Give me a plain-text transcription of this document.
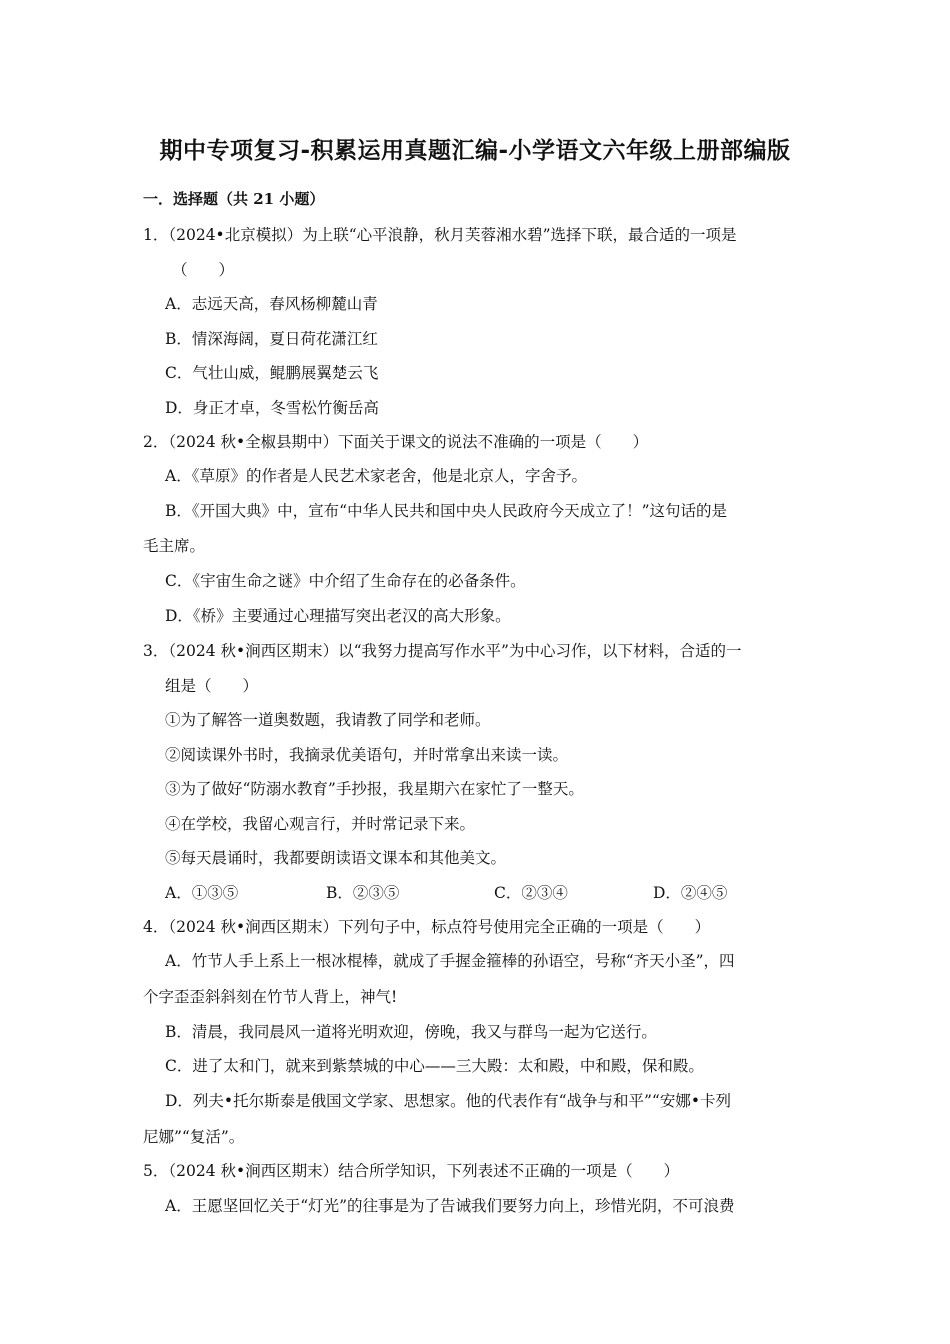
期中专项复习-积累运用真题汇编-小学语文六年级上册部编版
一．选择题（共 21 小题）
1．（2024•北京模拟）为上联“心平浪静，秋月芙蓉湘水碧”选择下联，最合适的一项是
（　　）
A．志远天高，春风杨柳麓山青
B．情深海阔，夏日荷花潇江红
C．气壮山威，鲲鹏展翼楚云飞
D．身正才卓，冬雪松竹衡岳高
2．（2024 秋•全椒县期中）下面关于课文的说法不准确的一项是（　　）
A．《草原》的作者是人民艺术家老舍，他是北京人，字舍予。
B．《开国大典》中，宣布“中华人民共和国中央人民政府今天成立了！”这句话的是
毛主席。
C．《宇宙生命之谜》中介绍了生命存在的必备条件。
D．《桥》主要通过心理描写突出老汉的高大形象。
3．（2024 秋•涧西区期末）以“我努力提高写作水平”为中心习作，以下材料，合适的一
组是（　　）
①为了解答一道奥数题，我请教了同学和老师。
②阅读课外书时，我摘录优美语句，并时常拿出来读一读。
③为了做好“防溺水教育”手抄报，我星期六在家忙了一整天。
④在学校，我留心观言行，并时常记录下来。
⑤每天晨诵时，我都要朗读语文课本和其他美文。
A．①③⑤	B．②③⑤	C．②③④	D．②④⑤
4．（2024 秋•涧西区期末）下列句子中，标点符号使用完全正确的一项是（　　）
A．竹节人手上系上一根冰棍棒，就成了手握金箍棒的孙语空，号称“齐天小圣”，四
个字歪歪斜斜刻在竹节人背上，神气!
B．清晨，我同晨风一道将光明欢迎，傍晚，我又与群鸟一起为它送行。
C．进了太和门，就来到紫禁城的中心——三大殿：太和殿，中和殿，保和殿。
D．列夫•托尔斯泰是俄国文学家、思想家。他的代表作有“战争与和平”“安娜•卡列
尼娜”“复活”。
5．（2024 秋•涧西区期末）结合所学知识，下列表述不正确的一项是（　　）
A．王愿坚回忆关于“灯光”的往事是为了告诫我们要努力向上，珍惜光阴，不可浪费
